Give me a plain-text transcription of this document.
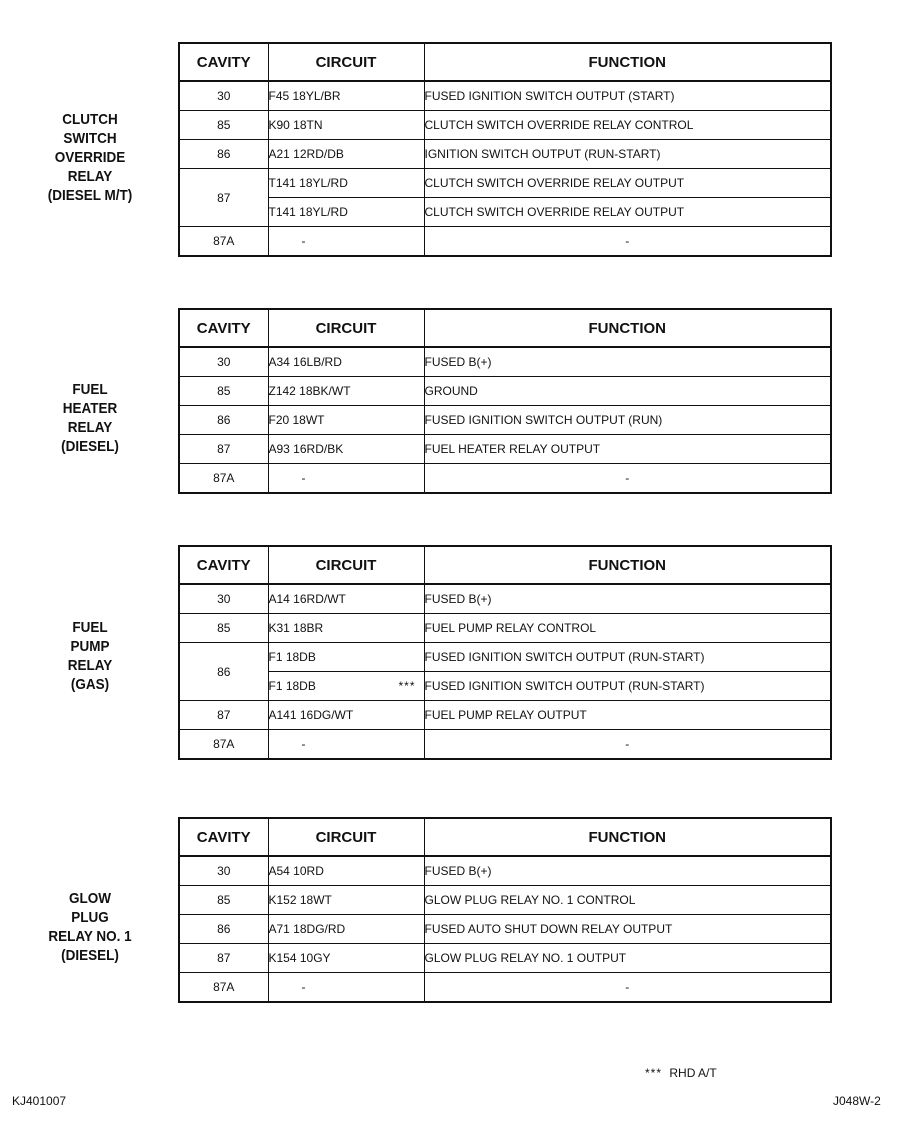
CLUTCH
SWITCH
OVERRIDE
RELAY
(DIESEL M/T)
CAVITY	CIRCUIT	FUNCTION
30	F45 18YL/BR	FUSED IGNITION SWITCH OUTPUT (START)
85	K90 18TN	CLUTCH SWITCH OVERRIDE RELAY CONTROL
86	A21 12RD/DB	IGNITION SWITCH OUTPUT (RUN-START)
87	T141 18YL/RD	CLUTCH SWITCH OVERRIDE RELAY OUTPUT
	T141 18YL/RD	CLUTCH SWITCH OVERRIDE RELAY OUTPUT
87A	-	-
FUEL
HEATER
RELAY
(DIESEL)
CAVITY	CIRCUIT	FUNCTION
30	A34 16LB/RD	FUSED B(+)
85	Z142 18BK/WT	GROUND
86	F20 18WT	FUSED IGNITION SWITCH OUTPUT (RUN)
87	A93 16RD/BK	FUEL HEATER RELAY OUTPUT
87A	-	-
FUEL
PUMP
RELAY
(GAS)
CAVITY	CIRCUIT	FUNCTION
30	A14 16RD/WT	FUSED B(+)
85	K31 18BR	FUEL PUMP RELAY CONTROL
86	F1 18DB	FUSED IGNITION SWITCH OUTPUT (RUN-START)
	F1 18DB ***	FUSED IGNITION SWITCH OUTPUT (RUN-START)
87	A141 16DG/WT	FUEL PUMP RELAY OUTPUT
87A	-	-
GLOW
PLUG
RELAY NO. 1
(DIESEL)
CAVITY	CIRCUIT	FUNCTION
30	A54 10RD	FUSED B(+)
85	K152 18WT	GLOW PLUG RELAY NO. 1 CONTROL
86	A71 18DG/RD	FUSED AUTO SHUT DOWN RELAY OUTPUT
87	K154 10GY	GLOW PLUG RELAY NO. 1 OUTPUT
87A	-	-
*** RHD A/T
KJ401007	J048W-2
